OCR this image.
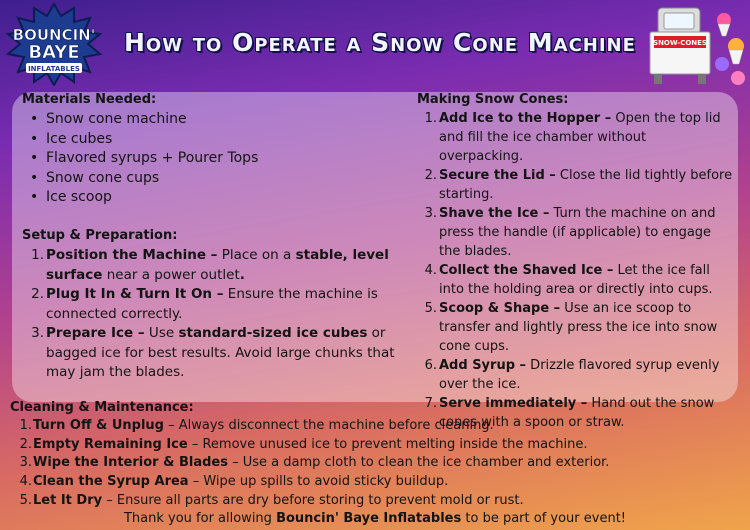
BOUNCIN'
BAYE
INFLATABLES
How to Operate a Snow Cone Machine SNOW-CONES
Materials Needed:
• Snow cone machine
• Ice cubes
• Flavored syrups + Pourer Tops
• Snow cone cups
• Ice scoop
Setup & Preparation:
1. Position the Machine – Place on a stable, level surface near a power outlet.
2. Plug It In & Turn It On – Ensure the machine is connected correctly.
3. Prepare Ice – Use standard-sized ice cubes or bagged ice for best results. Avoid large chunks that may jam the blades.
Making Snow Cones:
1. Add Ice to the Hopper – Open the top lid and fill the ice chamber without overpacking.
2. Secure the Lid – Close the lid tightly before starting.
3. Shave the Ice – Turn the machine on and press the handle (if applicable) to engage the blades.
4. Collect the Shaved Ice – Let the ice fall into the holding area or directly into cups.
5. Scoop & Shape – Use an ice scoop to transfer and lightly press the ice into snow cone cups.
6. Add Syrup – Drizzle flavored syrup evenly over the ice.
7. Serve immediately – Hand out the snow cones with a spoon or straw.
Cleaning & Maintenance:
1. Turn Off & Unplug – Always disconnect the machine before cleaning.
2. Empty Remaining Ice – Remove unused ice to prevent melting inside the machine.
3. Wipe the Interior & Blades – Use a damp cloth to clean the ice chamber and exterior.
4. Clean the Syrup Area – Wipe up spills to avoid sticky buildup.
5. Let It Dry – Ensure all parts are dry before storing to prevent mold or rust.

Thank you for allowing Bouncin' Baye Inflatables to be part of your event!
